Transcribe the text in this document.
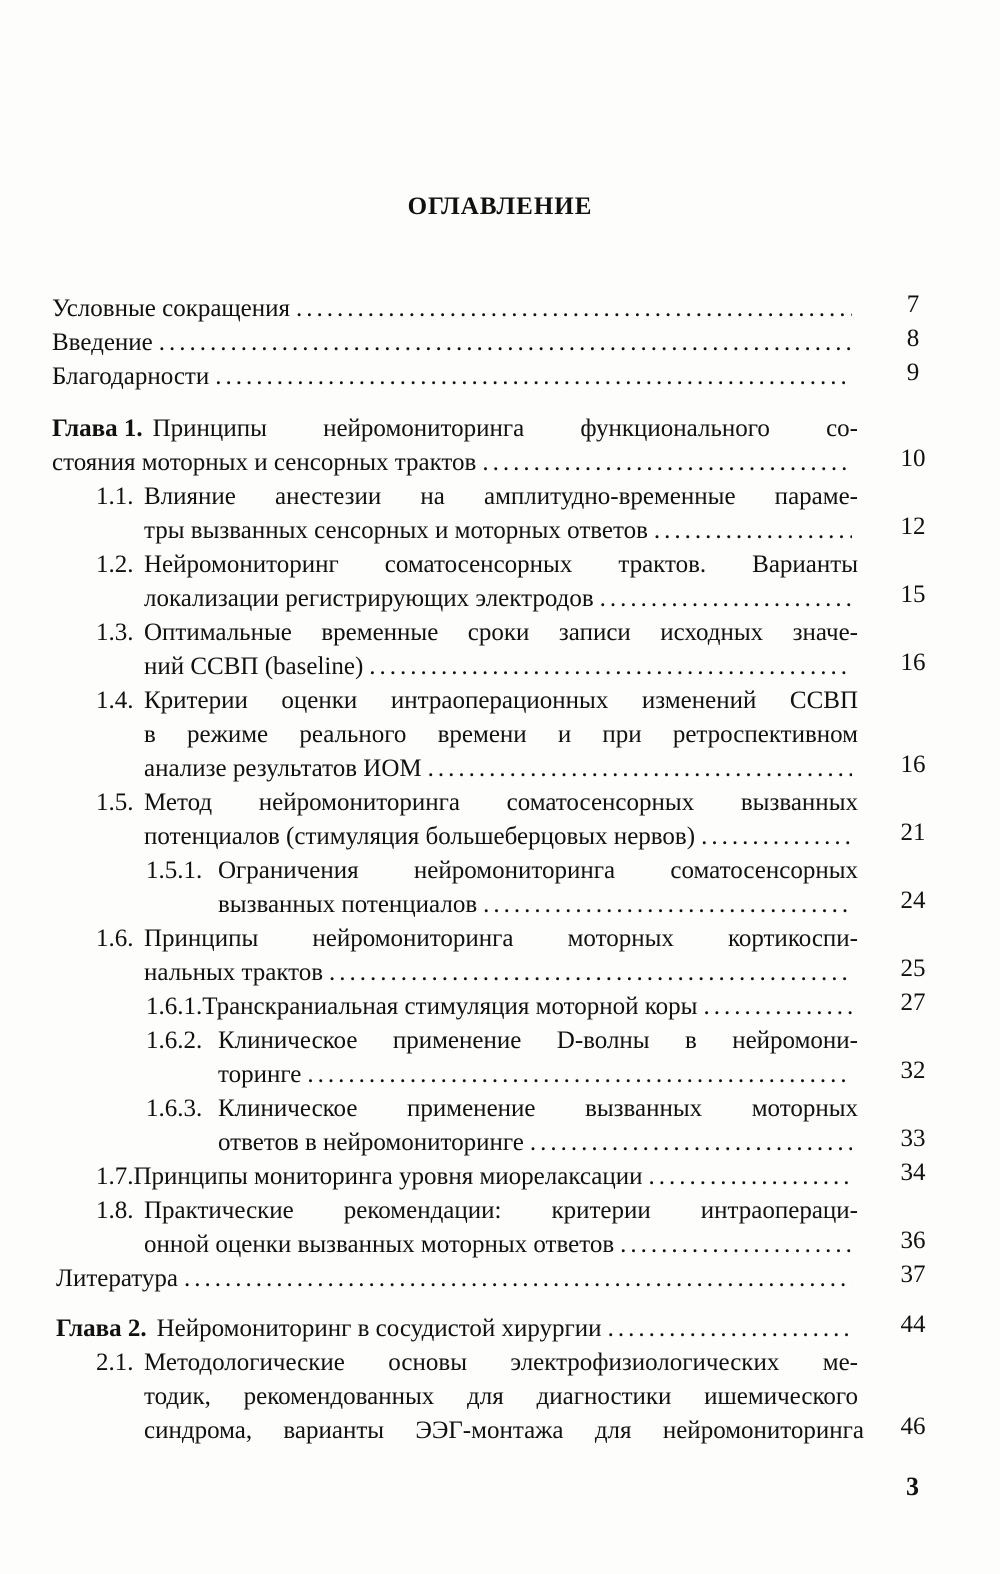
ОГЛАВЛЕНИЕ
Условные сокращения .....	7
Введение .....	8
Благодарности .....	9
Глава 1. Принципы нейромониторинга функционального со-
стояния моторных и сенсорных трактов .....	10
1.1. Влияние анестезии на амплитудно-временные параме-
тры вызванных сенсорных и моторных ответов .....	12
1.2. Нейромониторинг соматосенсорных трактов. Варианты
локализации регистрирующих электродов .....	15
1.3. Оптимальные временные сроки записи исходных значе-
ний ССВП (baseline) .....	16
1.4. Критерии оценки интраоперационных изменений ССВП
в режиме реального времени и при ретроспективном
анализе результатов ИОМ .....	16
1.5. Метод нейромониторинга соматосенсорных вызванных
потенциалов (стимуляция большеберцовых нервов) .....	21
1.5.1. Ограничения нейромониторинга соматосенсорных
вызванных потенциалов .....	24
1.6. Принципы нейромониторинга моторных кортикоспи-
нальных трактов .....	25
1.6.1. Транскраниальная стимуляция моторной коры .....	27
1.6.2. Клиническое применение D-волны в нейромони-
торинге .....	32
1.6.3. Клиническое применение вызванных моторных
ответов в нейромониторинге .....	33
1.7. Принципы мониторинга уровня миорелаксации .....	34
1.8. Практические рекомендации: критерии интраопераци-
онной оценки вызванных моторных ответов .....	36
Литература .....	37
Глава 2. Нейромониторинг в сосудистой хирургии .....	44
2.1. Методологические основы электрофизиологических ме-
тодик, рекомендованных для диагностики ишемического
синдрома, варианты ЭЭГ-монтажа для нейромониторинга	46
3
